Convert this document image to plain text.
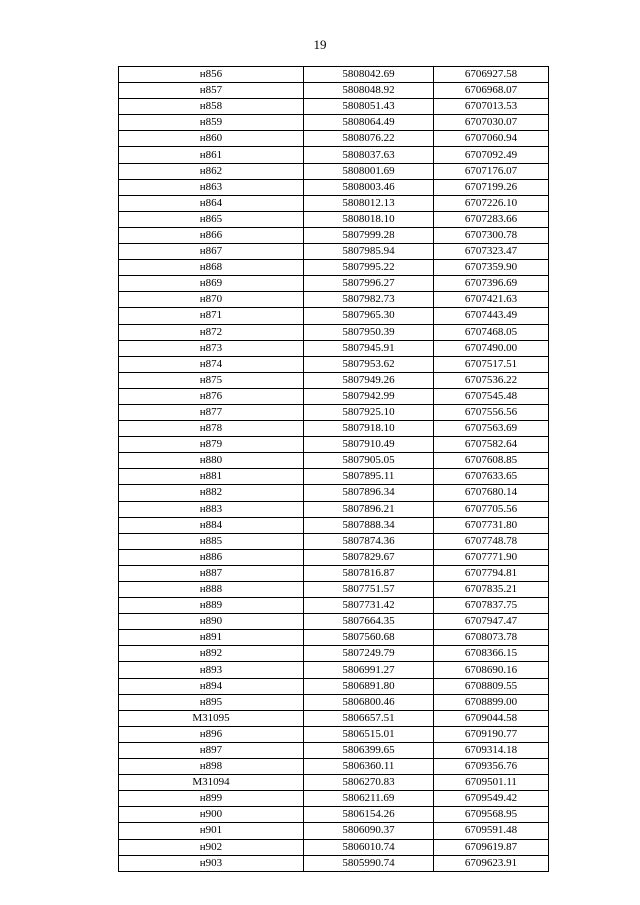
19
н856	5808042.69	6706927.58
н857	5808048.92	6706968.07
н858	5808051.43	6707013.53
н859	5808064.49	6707030.07
н860	5808076.22	6707060.94
н861	5808037.63	6707092.49
н862	5808001.69	6707176.07
н863	5808003.46	6707199.26
н864	5808012.13	6707226.10
н865	5808018.10	6707283.66
н866	5807999.28	6707300.78
н867	5807985.94	6707323.47
н868	5807995.22	6707359.90
н869	5807996.27	6707396.69
н870	5807982.73	6707421.63
н871	5807965.30	6707443.49
н872	5807950.39	6707468.05
н873	5807945.91	6707490.00
н874	5807953.62	6707517.51
н875	5807949.26	6707536.22
н876	5807942.99	6707545.48
н877	5807925.10	6707556.56
н878	5807918.10	6707563.69
н879	5807910.49	6707582.64
н880	5807905.05	6707608.85
н881	5807895.11	6707633.65
н882	5807896.34	6707680.14
н883	5807896.21	6707705.56
н884	5807888.34	6707731.80
н885	5807874.36	6707748.78
н886	5807829.67	6707771.90
н887	5807816.87	6707794.81
н888	5807751.57	6707835.21
н889	5807731.42	6707837.75
н890	5807664.35	6707947.47
н891	5807560.68	6708073.78
н892	5807249.79	6708366.15
н893	5806991.27	6708690.16
н894	5806891.80	6708809.55
н895	5806800.46	6708899.00
М31095	5806657.51	6709044.58
н896	5806515.01	6709190.77
н897	5806399.65	6709314.18
н898	5806360.11	6709356.76
М31094	5806270.83	6709501.11
н899	5806211.69	6709549.42
н900	5806154.26	6709568.95
н901	5806090.37	6709591.48
н902	5806010.74	6709619.87
н903	5805990.74	6709623.91
